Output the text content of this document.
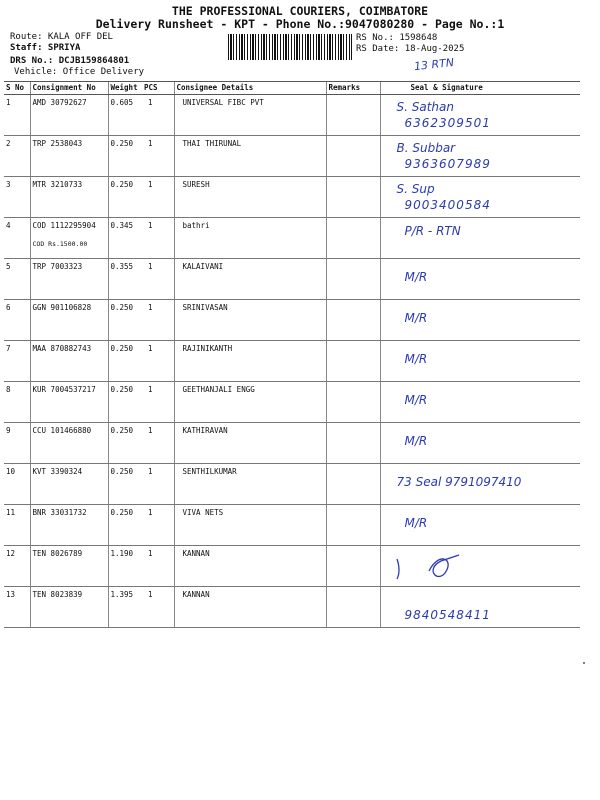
THE PROFESSIONAL COURIERS, COIMBATORE
Delivery Runsheet - KPT - Phone No.:9047080280 - Page No.:1
Route: KALA OFF DEL
Staff: SPRIYA
DRS No.: DCJB159864801
Vehicle: Office Delivery
RS No.: 1598648
RS Date: 18-Aug-2025
13 RTN
S No	Consignment No	Weight	PCS	Consignee Details	Remarks	Seal & Signature
1	AMD 30792627	0.605	1	UNIVERSAL FIBC PVT		S. Sathan
6362309501

2	TRP 2538043	0.250	1	THAI THIRUNAL		B. Subbar
9363607989

3	MTR 3210733	0.250	1	SURESH		S. Sup
9003400584

4	COD 1112295904
COD Rs.1500.00	0.345	1	bathri		P/R - RTN

5	TRP 7003323	0.355	1	KALAIVANI		M/R

6	GGN 901106828	0.250	1	SRINIVASAN		M/R

7	MAA 870882743	0.250	1	RAJINIKANTH		M/R

8	KUR 7004537217	0.250	1	GEETHANJALI ENGG		M/R

9	CCU 101466880	0.250	1	KATHIRAVAN		M/R

10	KVT 3390324	0.250	1	SENTHILKUMAR		73 Seal 9791097410

11	BNR 33031732	0.250	1	VIVA NETS		M/R

12	TEN 8026789	1.190	1	KANNAN		

13	TEN 8023839	1.395	1	KANNAN		9840548411
